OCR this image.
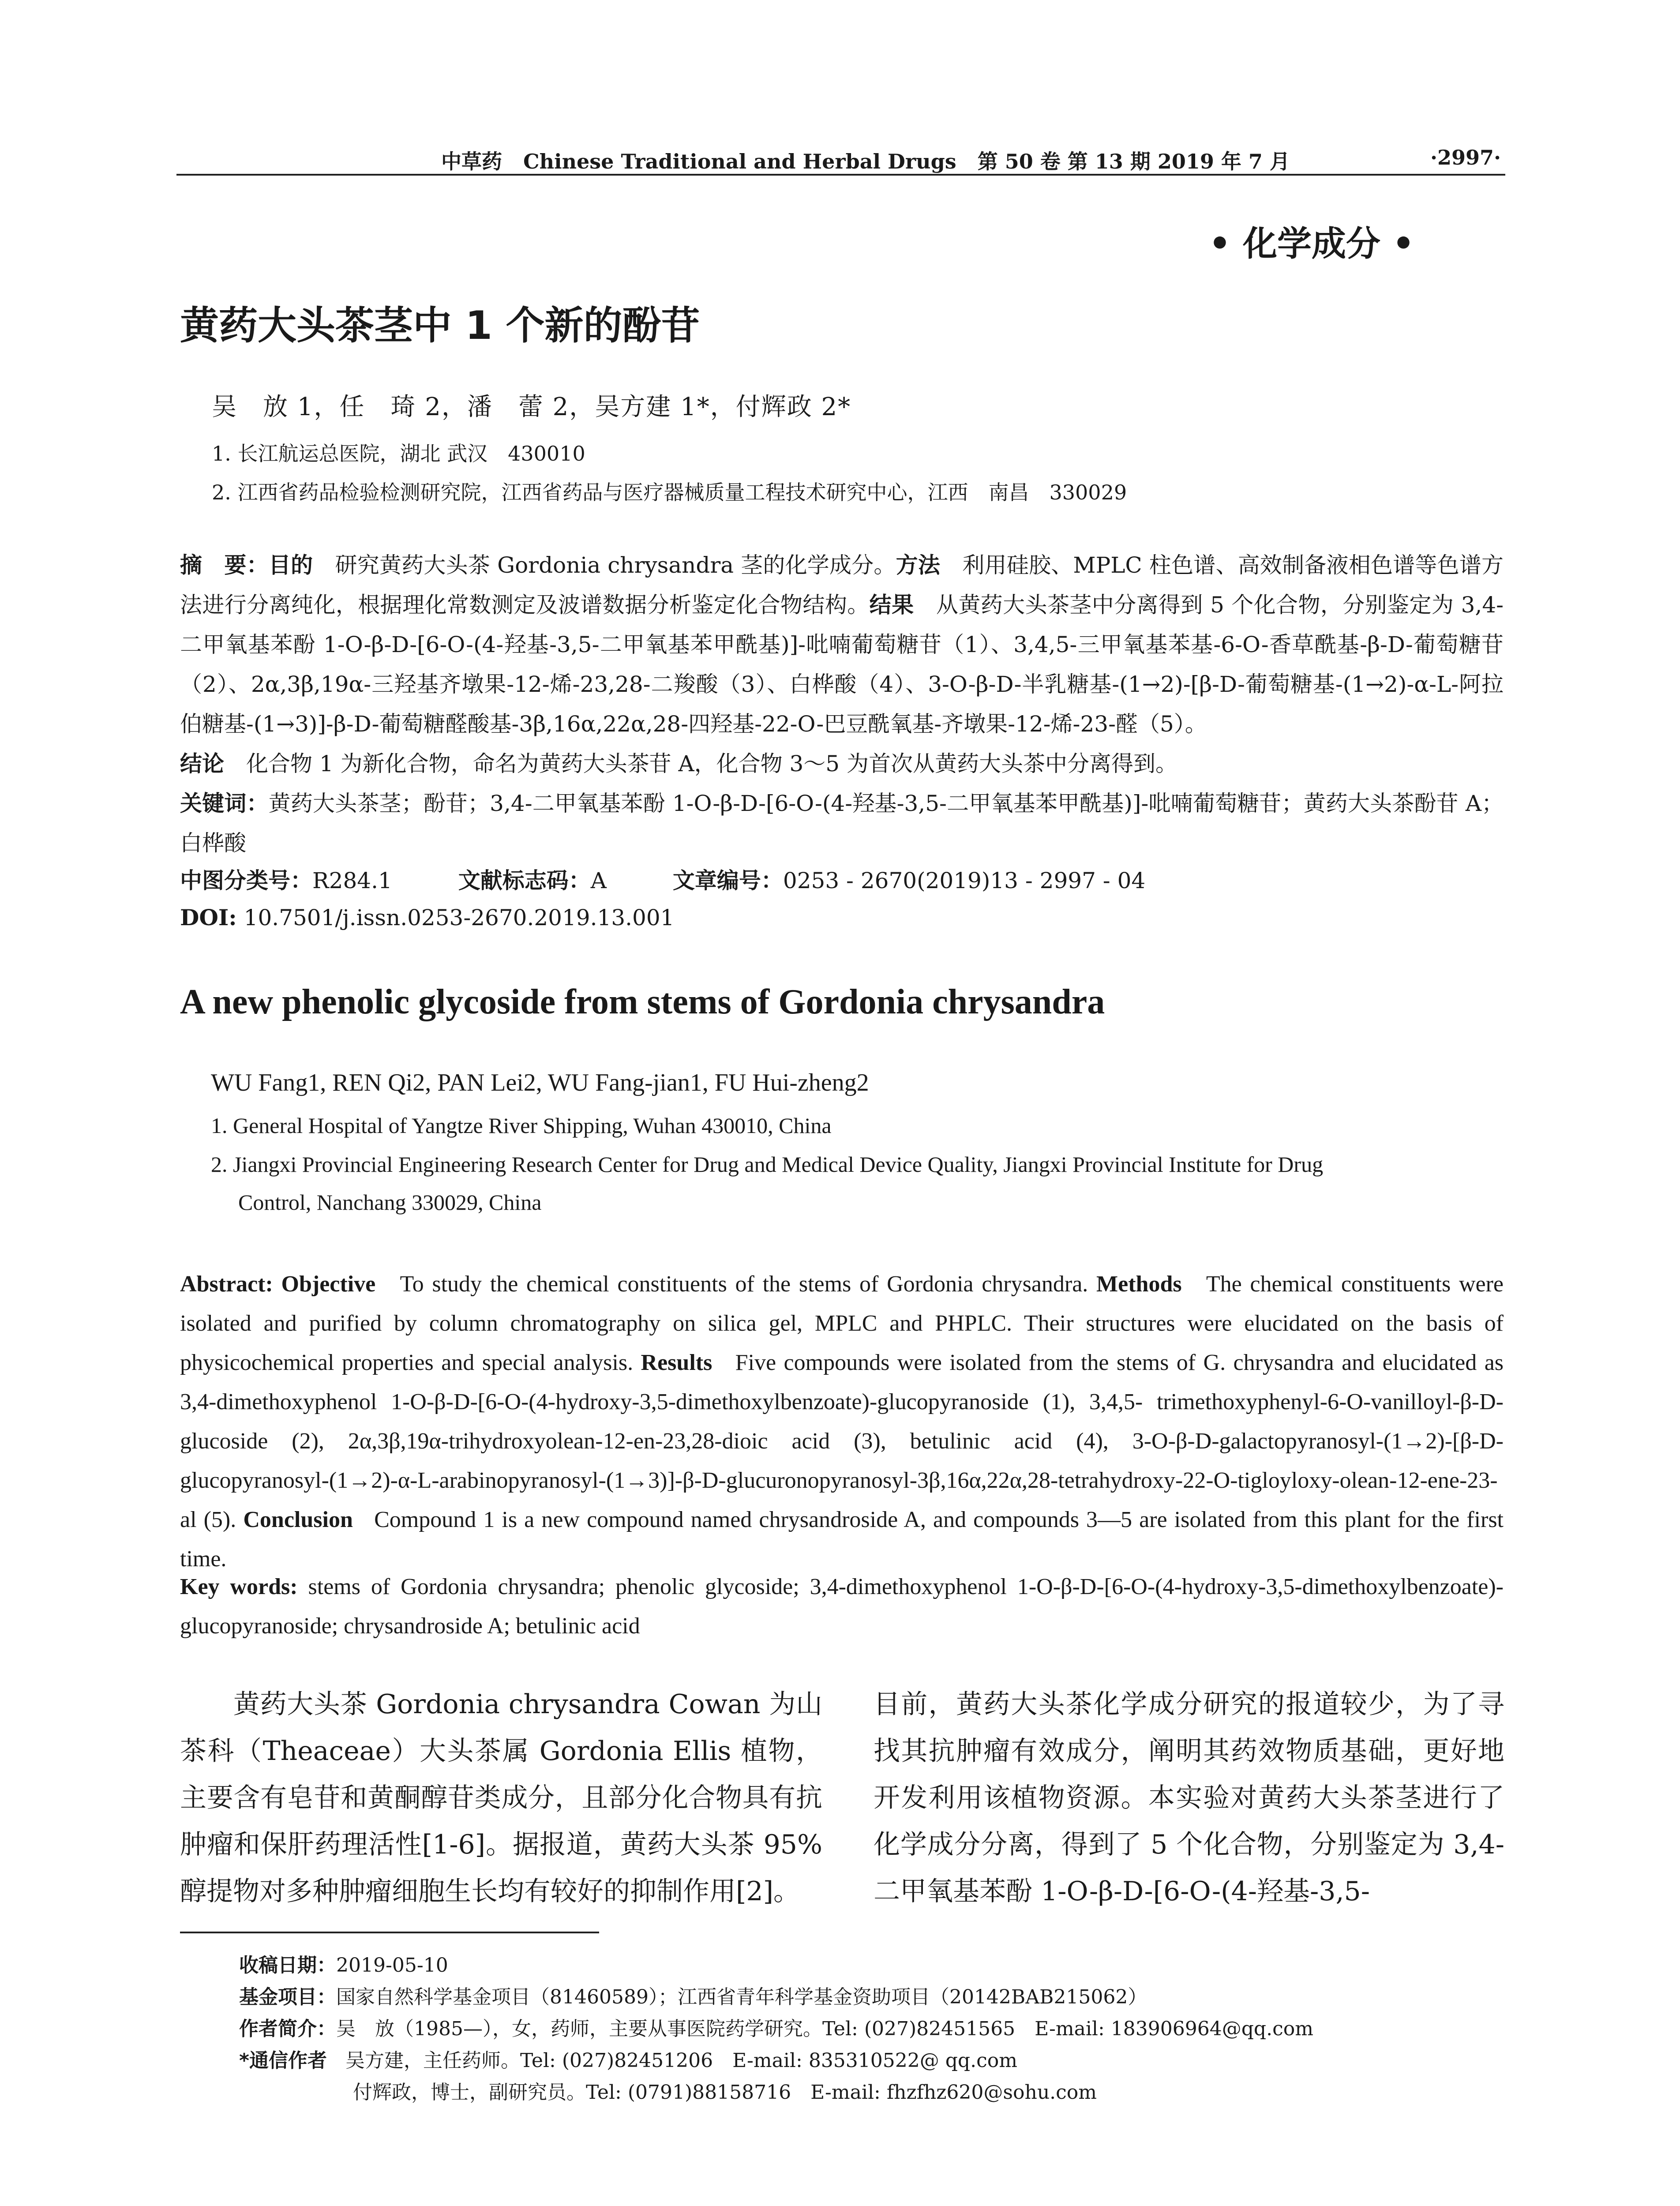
中草药 Chinese Traditional and Herbal Drugs 第 50 卷 第 13 期 2019 年 7 月	·2997·
• 化学成分 •
黄药大头茶茎中 1 个新的酚苷
吴　放 1，任　琦 2，潘　蕾 2，吴方建 1*，付辉政 2*
1. 长江航运总医院，湖北 武汉　430010
2. 江西省药品检验检测研究院，江西省药品与医疗器械质量工程技术研究中心，江西　南昌　330029
摘　要：目的　 研究黄药大头茶 Gordonia chrysandra 茎的化学成分。方法　 利用硅胶、MPLC 柱色谱、高效制备液相色谱等色谱方法进行分离纯化，根据理化常数测定及波谱数据分析鉴定化合物结构。结果　 从黄药大头茶茎中分离得到 5 个化合物，分别鉴定为 3,4-二甲氧基苯酚 1-O-β-D-[6-O-(4-羟基-3,5-二甲氧基苯甲酰基)]-吡喃葡萄糖苷（1）、3,4,5-三甲氧基苯基-6-O-香草酰基-β-D-葡萄糖苷（2）、2α,3β,19α-三羟基齐墩果-12-烯-23,28-二羧酸（3）、白桦酸（4）、3-O-β-D-半乳糖基-(1→2)-[β-D-葡萄糖基-(1→2)-α-L-阿拉伯糖基-(1→3)]-β-D-葡萄糖醛酸基-3β,16α,22α,28-四羟基-22-O-巴豆酰氧基-齐墩果-12-烯-23-醛（5）。
结论　 化合物 1 为新化合物，命名为黄药大头茶苷 A，化合物 3～5 为首次从黄药大头茶中分离得到。
关键词：黄药大头茶茎；酚苷；3,4-二甲氧基苯酚 1-O-β-D-[6-O-(4-羟基-3,5-二甲氧基苯甲酰基)]-吡喃葡萄糖苷；黄药大头茶酚苷 A；白桦酸
中图分类号：R284.1	文献标志码：A	文章编号：0253 - 2670(2019)13 - 2997 - 04
DOI: 10.7501/j.issn.0253-2670.2019.13.001
A new phenolic glycoside from stems of Gordonia chrysandra
WU Fang1, REN Qi2, PAN Lei2, WU Fang-jian1, FU Hui-zheng2
1. General Hospital of Yangtze River Shipping, Wuhan 430010, China
2. Jiangxi Provincial Engineering Research Center for Drug and Medical Device Quality, Jiangxi Provincial Institute for Drug
Control, Nanchang 330029, China
Abstract: Objective To study the chemical constituents of the stems of Gordonia chrysandra. Methods The chemical constituents were isolated and purified by column chromatography on silica gel, MPLC and PHPLC. Their structures were elucidated on the basis of physicochemical properties and special analysis. Results Five compounds were isolated from the stems of G. chrysandra and elucidated as 3,4-dimethoxyphenol 1-O-β-D-[6-O-(4-hydroxy-3,5-dimethoxylbenzoate)-glucopyranoside (1), 3,4,5- trimethoxyphenyl-6-O-vanilloyl-β-D-glucoside (2), 2α,3β,19α-trihydroxyolean-12-en-23,28-dioic acid (3), betulinic acid (4), 3-O-β-D-galactopyranosyl-(1→2)-[β-D-glucopyranosyl-(1→2)-α-L-arabinopyranosyl-(1→3)]-β-D-glucuronopyranosyl-3β,16α,22α,28-tetrahydroxy-22-O-tigloyloxy-olean-12-ene-23-al (5). Conclusion Compound 1 is a new compound named chrysandroside A, and compounds 3—5 are isolated from this plant for the first time.
Key words: stems of Gordonia chrysandra; phenolic glycoside; 3,4-dimethoxyphenol 1-O-β-D-[6-O-(4-hydroxy-3,5-dimethoxylbenzoate)-glucopyranoside; chrysandroside A; betulinic acid
黄药大头茶 Gordonia chrysandra Cowan 为山茶科（Theaceae）大头茶属 Gordonia Ellis 植物，主要含有皂苷和黄酮醇苷类成分，且部分化合物具有抗肿瘤和保肝药理活性[1-6]。据报道，黄药大头茶 95%醇提物对多种肿瘤细胞生长均有较好的抑制作用[2]。
目前，黄药大头茶化学成分研究的报道较少，为了寻找其抗肿瘤有效成分，阐明其药效物质基础，更好地开发利用该植物资源。本实验对黄药大头茶茎进行了化学成分分离，得到了 5 个化合物，分别鉴定为 3,4-二甲氧基苯酚 1-O-β-D-[6-O-(4-羟基-3,5-
收稿日期：2019-05-10
基金项目：国家自然科学基金项目（81460589）；江西省青年科学基金资助项目（20142BAB215062）
作者简介：吴　放（1985—），女，药师，主要从事医院药学研究。Tel: (027)82451565　E-mail: 183906964@qq.com
*通信作者 吴方建，主任药师。Tel: (027)82451206　E-mail: 835310522@ qq.com
付辉政，博士，副研究员。Tel: (0791)88158716　E-mail: fhzfhz620@sohu.com
